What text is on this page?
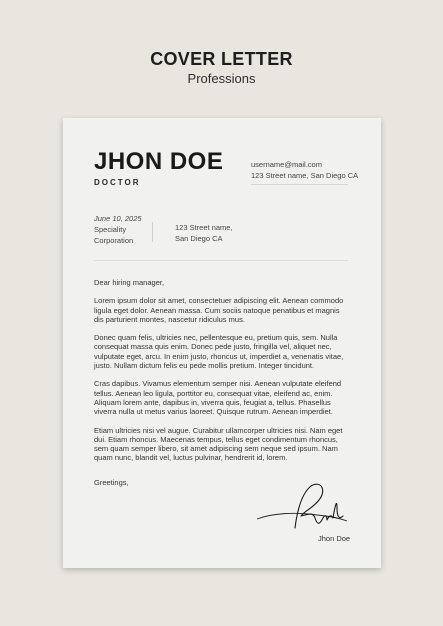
COVER LETTER
Professions
JHON DOE
DOCTOR
username@mail.com
123 Street name, San Diego CA
June 10, 2025
Speciality
Corporation
123 Street name,
San Diego CA

Dear hiring manager,

Lorem ipsum dolor sit amet, consectetuer adipiscing elit. Aenean commodo ligula eget dolor. Aenean massa. Cum sociis natoque penatibus et magnis dis parturient montes, nascetur ridiculus mus.

Donec quam felis, ultricies nec, pellentesque eu, pretium quis, sem. Nulla consequat massa quis enim. Donec pede justo, fringilla vel, aliquet nec, vulputate eget, arcu. In enim justo, rhoncus ut, imperdiet a, venenatis vitae, justo. Nullam dictum felis eu pede mollis pretium. Integer tincidunt.

Cras dapibus. Vivamus elementum semper nisi. Aenean vulputate eleifend tellus. Aenean leo ligula, porttitor eu, consequat vitae, eleifend ac, enim. Aliquam lorem ante, dapibus in, viverra quis, feugiat a, tellus. Phasellus viverra nulla ut metus varius laoreet. Quisque rutrum. Aenean imperdiet.

Etiam ultricies nisi vel augue. Curabitur ullamcorper ultricies nisi. Nam eget dui. Etiam rhoncus. Maecenas tempus, tellus eget condimentum rhoncus, sem quam semper libero, sit amet adipiscing sem neque sed ipsum. Nam quam nunc, blandit vel, luctus pulvinar, hendrerit id, lorem.

Greetings,
Jhon Doe
